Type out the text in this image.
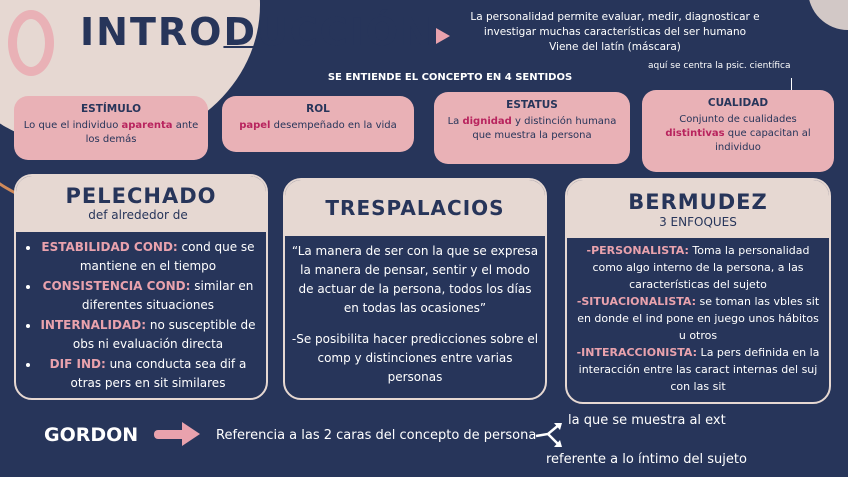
INTRODUCCIÓN	La personalidad permite evaluar, medir, diagnosticar e
investigar muchas características del ser humano
Viene del latín (máscara)
SE ENTIENDE EL CONCEPTO EN 4 SENTIDOS
aquí se centra la psic. científica
ESTÍMULO
Lo que el individuo aparenta ante los demás
ROL
papel desempeñado en la vida
ESTATUS
La dignidad y distinción humana que muestra la persona
CUALIDAD
Conjunto de cualidades distintivas que capacitan al individuo
PELECHADO
def alrededor de
• ESTABILIDAD COND: cond que se mantiene en el tiempo
• CONSISTENCIA COND: similar en diferentes situaciones
• INTERNALIDAD: no susceptible de obs ni evaluación directa
• DIF IND: una conducta sea dif a otras pers en sit similares
TRESPALACIOS
“La manera de ser con la que se expresa la manera de pensar, sentir y el modo de actuar de la persona, todos los días en todas las ocasiones”
-Se posibilita hacer predicciones sobre el comp y distinciones entre varias personas
BERMUDEZ
3 ENFOQUES
-PERSONALISTA: Toma la personalidad como algo interno de la persona, a las características del sujeto
-SITUACIONALISTA: se toman las vbles sit en donde el ind pone en juego unos hábitos u otros
-INTERACCIONISTA: La pers definida en la interacción entre las caract internas del suj con las sit
GORDON	Referencia a las 2 caras del concepto de persona
la que se muestra al ext
referente a lo íntimo del sujeto
